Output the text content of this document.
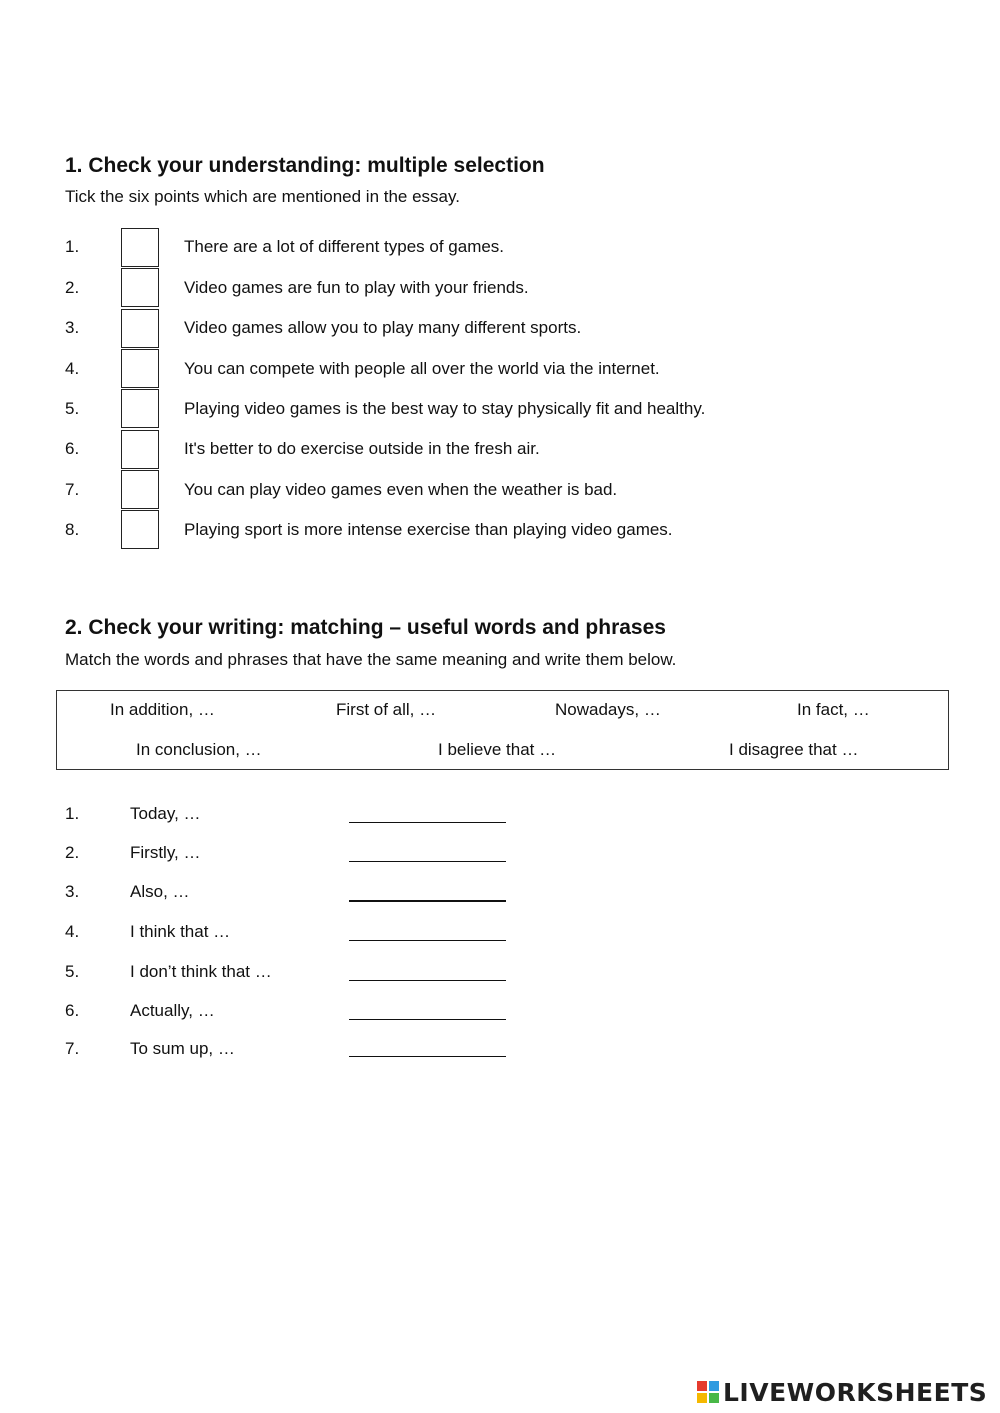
1. Check your understanding: multiple selection
Tick the six points which are mentioned in the essay.
1.	There are a lot of different types of games.
2.	Video games are fun to play with your friends.
3.	Video games allow you to play many different sports.
4.	You can compete with people all over the world via the internet.
5.	Playing video games is the best way to stay physically fit and healthy.
6.	It's better to do exercise outside in the fresh air.
7.	You can play video games even when the weather is bad.
8.	Playing sport is more intense exercise than playing video games.
2. Check your writing: matching – useful words and phrases
Match the words and phrases that have the same meaning and write them below.
In addition, …	First of all, …	Nowadays, …	In fact, …
In conclusion, …	I believe that …	I disagree that …
1.	Today, …
2.	Firstly, …
3.	Also, …
4.	I think that …
5.	I don’t think that …
6.	Actually, …
7.	To sum up, …
LIVEWORKSHEETS
